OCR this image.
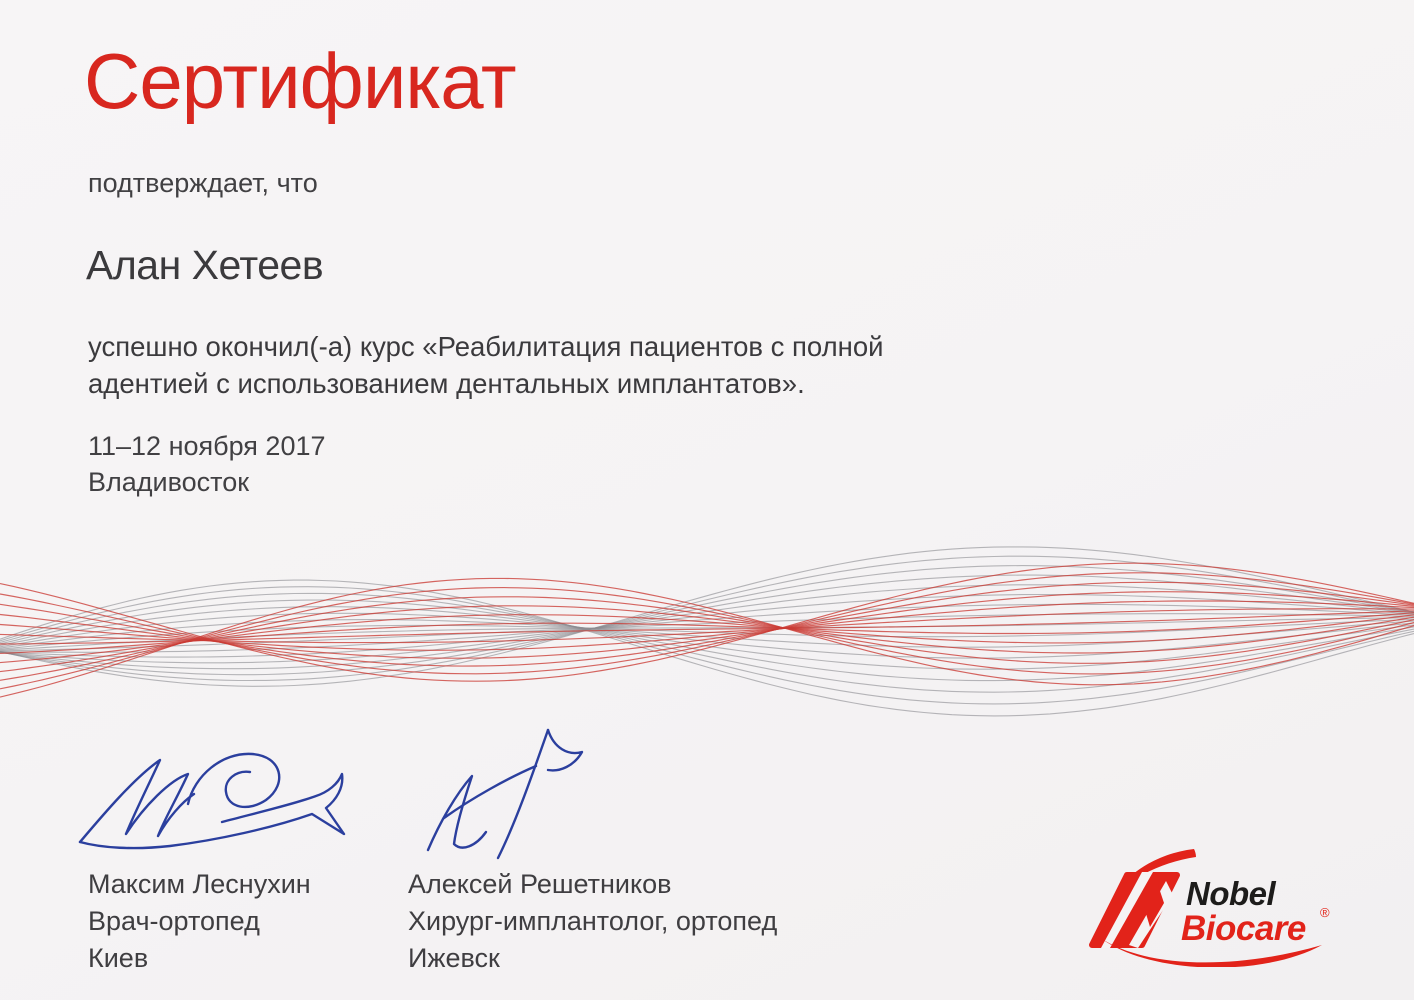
Сертификат
подтверждает, что
Алан Хетеев
успешно окончил(-а) курс «Реабилитация пациентов с полной адентией с использованием дентальных имплантатов».
11–12 ноября 2017
Владивосток
Максим Леснухин
Врач-ортопед
Киев
Алексей Решетников
Хирург-имплантолог, ортопед
Ижевск
Nobel
Biocare ®
